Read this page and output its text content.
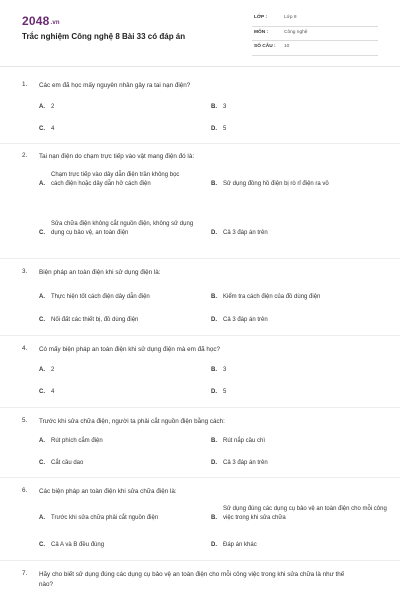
2048.vn
Trắc nghiệm Công nghệ 8 Bài 33 có đáp án
LỚP :	Lớp 8
MÔN :	Công nghệ
SỐ CÂU : 10
1. Các em đã học mấy nguyên nhân gây ra tai nạn điện?
A. 2	B. 3
C. 4	D. 5
2. Tai nạn điện do chạm trực tiếp vào vật mang điện đó là:
A.
Chạm trực tiếp vào dây dẫn điện trần không bọc cách điện hoặc dây dẫn hở cách điện	B. Sử dụng đồng hồ điện bị rò rỉ điện ra vỏ
C.
Sửa chữa điện không cắt nguồn điện, không sử dụng dụng cụ bảo vệ, an toàn điện	D. Cả 3 đáp án trên
3. Biện pháp an toàn điện khi sử dụng điện là:
A. Thực hiện tốt cách điện dây dẫn điện	B. Kiểm tra cách điện của đồ dùng điện
C. Nối đất các thiết bị, đồ dùng điện	D. Cả 3 đáp án trên
4. Có mấy biện pháp an toàn điện khi sử dụng điện mà em đã học?
A. 2	B. 3
C. 4	D. 5
5. Trước khi sửa chữa điện, người ta phải cắt nguồn điện bằng cách:
A. Rút phích cắm điện	B. Rút nắp cầu chì
C. Cắt cầu dao	D. Cả 3 đáp án trên
6. Các biện pháp an toàn điện khi sửa chữa điện là:
A. Trước khi sửa chữa phải cắt nguồn điện	B.
Sử dụng đúng các dụng cụ bảo vệ an toàn điện cho mỗi công việc trong khi sửa chữa
C. Cả A và B đều đúng	D. Đáp án khác
7. Hãy cho biết sử dụng đúng các dụng cụ bảo vệ an toàn điện cho mỗi công việc trong khi sửa chữa là như thế nào?
